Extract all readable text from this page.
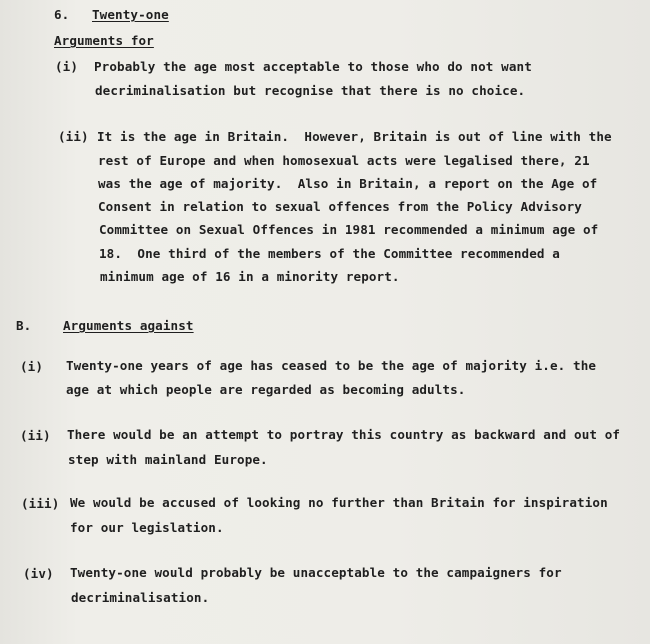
6. Twenty-one
Arguments for
(i) Probably the age most acceptable to those who do not want
decriminalisation but recognise that there is no choice.
(ii) It is the age in Britain.  However, Britain is out of line with the
rest of Europe and when homosexual acts were legalised there, 21
was the age of majority.  Also in Britain, a report on the Age of
Consent in relation to sexual offences from the Policy Advisory
Committee on Sexual Offences in 1981 recommended a minimum age of
18.  One third of the members of the Committee recommended a
minimum age of 16 in a minority report.
B.	Arguments against
(i) Twenty-one years of age has ceased to be the age of majority i.e. the
age at which people are regarded as becoming adults.
(ii) There would be an attempt to portray this country as backward and out of
step with mainland Europe.
(iii) We would be accused of looking no further than Britain for inspiration
for our legislation.
(iv) Twenty-one would probably be unacceptable to the campaigners for
decriminalisation.
